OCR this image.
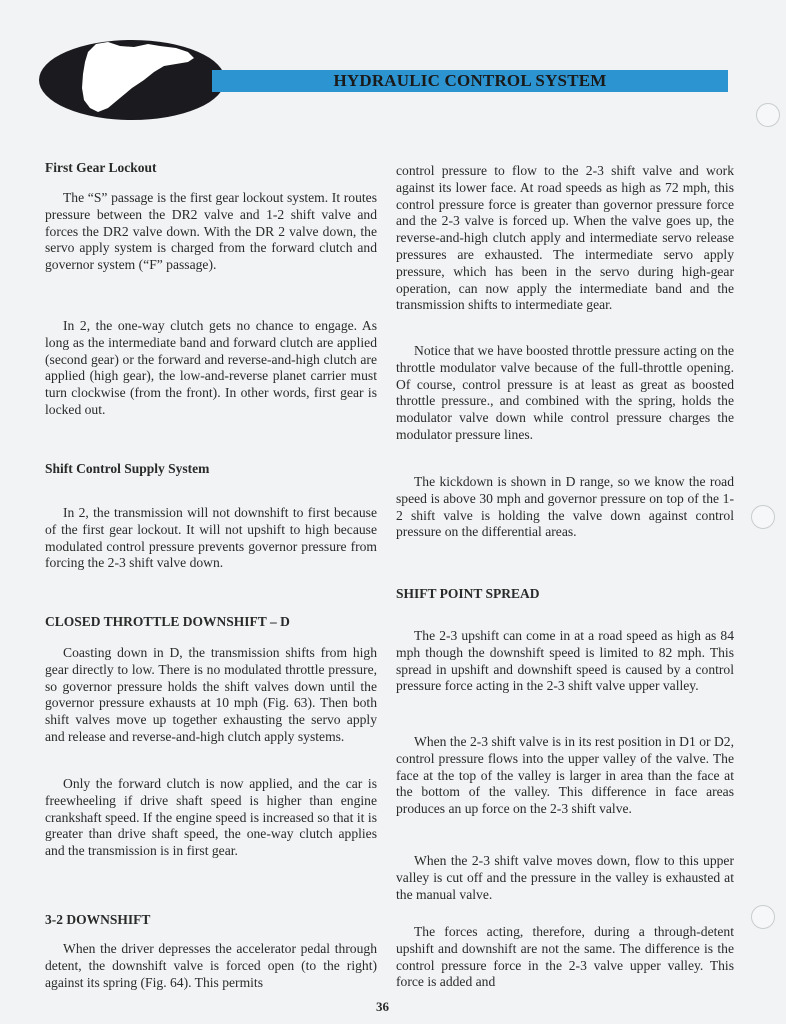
HYDRAULIC CONTROL SYSTEM
First Gear Lockout

The “S” passage is the first gear lockout system. It routes pressure between the DR2 valve and 1-2 shift valve and forces the DR2 valve down. With the DR 2 valve down, the servo apply system is charged from the forward clutch and governor system (“F” passage).

In 2, the one-way clutch gets no chance to engage. As long as the intermediate band and forward clutch are applied (second gear) or the forward and reverse-and-high clutch are applied (high gear), the low-and-reverse planet carrier must turn clockwise (from the front). In other words, first gear is locked out.

Shift Control Supply System

In 2, the transmission will not downshift to first because of the first gear lockout. It will not upshift to high because modulated control pressure prevents governor pressure from forcing the 2-3 shift valve down.

CLOSED THROTTLE DOWNSHIFT – D

Coasting down in D, the transmission shifts from high gear directly to low. There is no modulated throttle pressure, so governor pressure holds the shift valves down until the governor pressure exhausts at 10 mph (Fig. 63). Then both shift valves move up together exhausting the servo apply and release and reverse-and-high clutch apply systems.

Only the forward clutch is now applied, and the car is freewheeling if drive shaft speed is higher than engine crankshaft speed. If the engine speed is increased so that it is greater than drive shaft speed, the one-way clutch applies and the transmission is in first gear.

3-2 DOWNSHIFT

When the driver depresses the accelerator pedal through detent, the downshift valve is forced open (to the right) against its spring (Fig. 64). This permits

control pressure to flow to the 2-3 shift valve and work against its lower face. At road speeds as high as 72 mph, this control pressure force is greater than governor pressure force and the 2-3 valve is forced up. When the valve goes up, the reverse-and-high clutch apply and intermediate servo release pressures are exhausted. The intermediate servo apply pressure, which has been in the servo during high-gear operation, can now apply the intermediate band and the transmission shifts to intermediate gear.

Notice that we have boosted throttle pressure acting on the throttle modulator valve because of the full-throttle opening. Of course, control pressure is at least as great as boosted throttle pressure., and combined with the spring, holds the modulator valve down while control pressure charges the modulator pressure lines.

The kickdown is shown in D range, so we know the road speed is above 30 mph and governor pressure on top of the 1-2 shift valve is holding the valve down against control pressure on the differential areas.

SHIFT POINT SPREAD

The 2-3 upshift can come in at a road speed as high as 84 mph though the downshift speed is limited to 82 mph. This spread in upshift and downshift speed is caused by a control pressure force acting in the 2-3 shift valve upper valley.

When the 2-3 shift valve is in its rest position in D1 or D2, control pressure flows into the upper valley of the valve. The face at the top of the valley is larger in area than the face at the bottom of the valley. This difference in face areas produces an up force on the 2-3 shift valve.

When the 2-3 shift valve moves down, flow to this upper valley is cut off and the pressure in the valley is exhausted at the manual valve.

The forces acting, therefore, during a through-detent upshift and downshift are not the same. The difference is the control pressure force in the 2-3 valve upper valley. This force is added and

36
